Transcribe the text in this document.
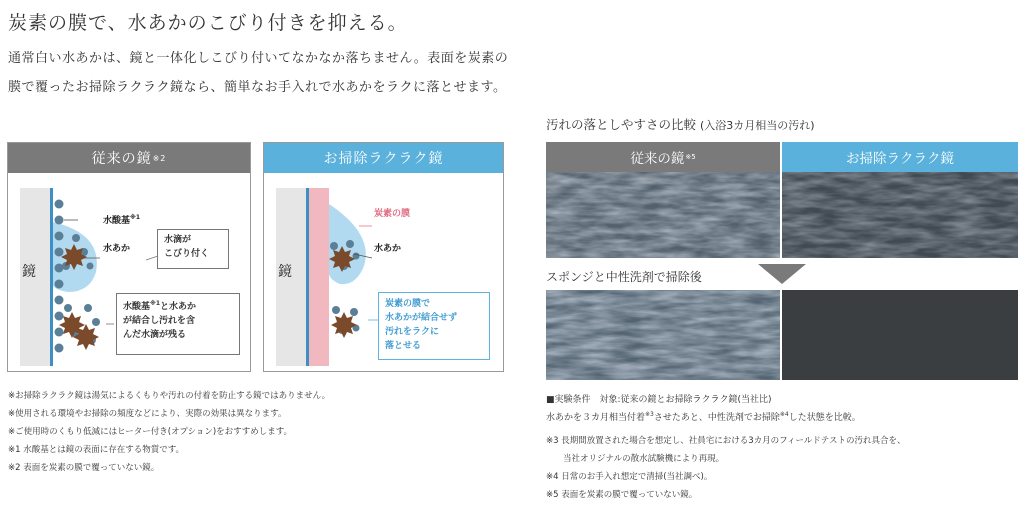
炭素の膜で、水あかのこびり付きを抑える。
通常白い水あかは、鏡と一体化しこびり付いてなかなか落ちません。表面を炭素の
膜で覆ったお掃除ラクラク鏡なら、簡単なお手入れで水あかをラクに落とせます。
従来の鏡 ※2
鏡
水酸基$^{※1}$
水あか
水滴が
こびり付く
水酸基$^{※1}$と水あか
が結合し汚れを含
んだ水滴が残る
お掃除ラクラク鏡
鏡
炭素の膜
水あか
炭素の膜で
水あかが結合せず
汚れをラクに
落とせる
※お掃除ラクラク鏡は湯気によるくもりや汚れの付着を防止する鏡ではありません。
※使用される環境やお掃除の頻度などにより、実際の効果は異なります。
※ご使用時のくもり低減にはヒーター付き(オプション)をおすすめします。
※1 水酸基とは鏡の表面に存在する物質です。
※2 表面を炭素の膜で覆っていない鏡。
汚れの落としやすさの比較 (入浴3カ月相当の汚れ)
従来の鏡 ※5	お掃除ラクラク鏡
スポンジと中性洗剤で掃除後
■実験条件　対象:従来の鏡とお掃除ラクラク鏡(当社比)
水あかを３カ月相当付着$^{※3}$させたあと、中性洗剤でお掃除$^{※4}$した状態を比較。
※3 長期間放置された場合を想定し、社員宅における3カ月のフィールドテストの汚れ具合を、
　　当社オリジナルの散水試験機により再現。
※4 日常のお手入れ想定で清掃(当社調べ)。
※5 表面を炭素の膜で覆っていない鏡。
